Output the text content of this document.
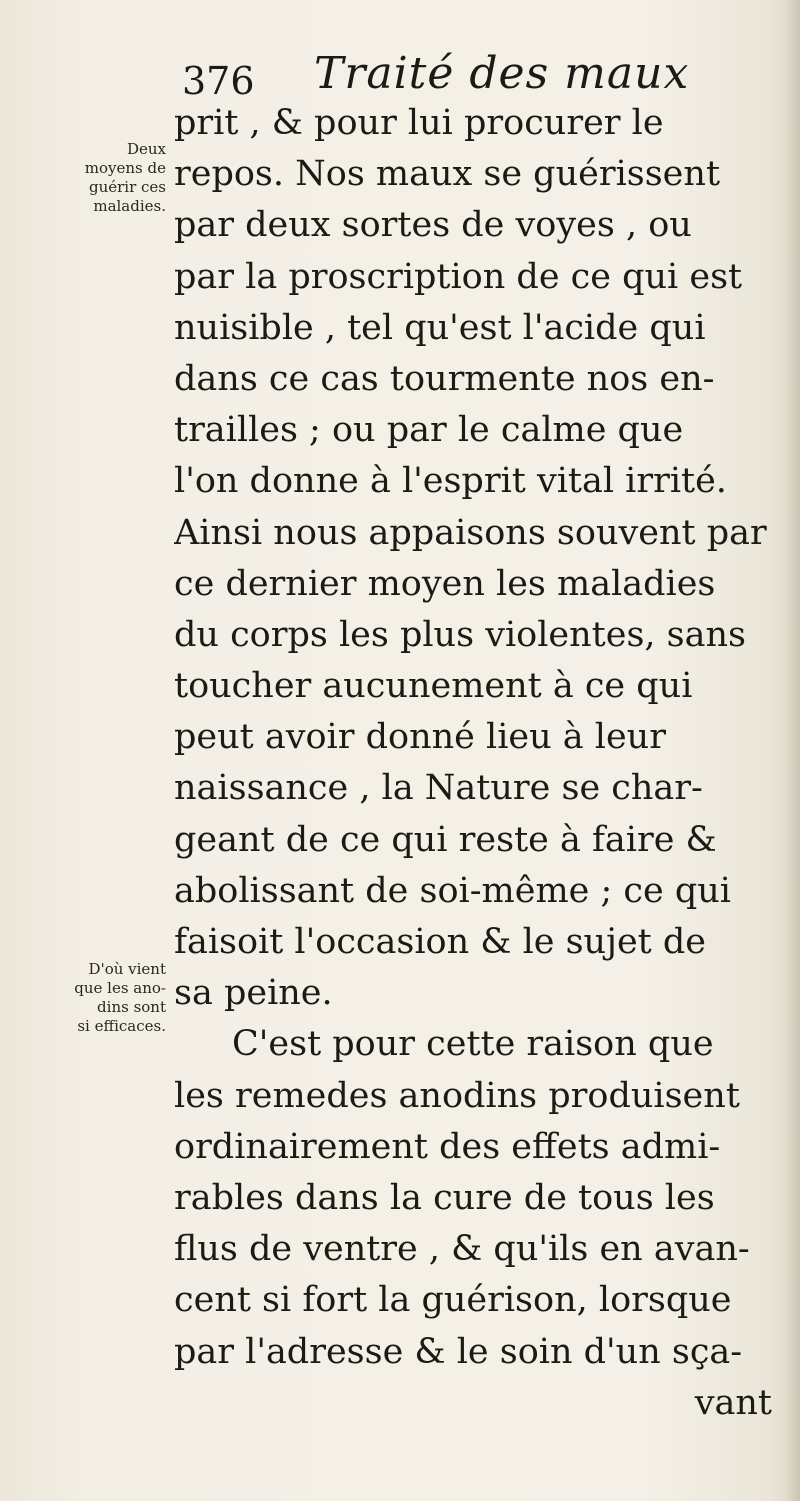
376 Traité des maux
Deux
moyens de
guérir ces
maladies.
D'où vient
que les ano-
dins sont
si efficaces.
prit , & pour lui procurer le
repos. Nos maux se guérissent
par deux sortes de voyes , ou
par la proscription de ce qui est
nuisible , tel qu'est l'acide qui
dans ce cas tourmente nos en-
trailles ; ou par le calme que
l'on donne à l'esprit vital irrité.
Ainsi nous appaisons souvent par
ce dernier moyen les maladies
du corps les plus violentes, sans
toucher aucunement à ce qui
peut avoir donné lieu à leur
naissance , la Nature se char-
geant de ce qui reste à faire &
abolissant de soi-même ; ce qui
faisoit l'occasion & le sujet de
sa peine.
C'est pour cette raison que
les remedes anodins produisent
ordinairement des effets admi-
rables dans la cure de tous les
flus de ventre , & qu'ils en avan-
cent si fort la guérison, lorsque
par l'adresse & le soin d'un sça-
vant
